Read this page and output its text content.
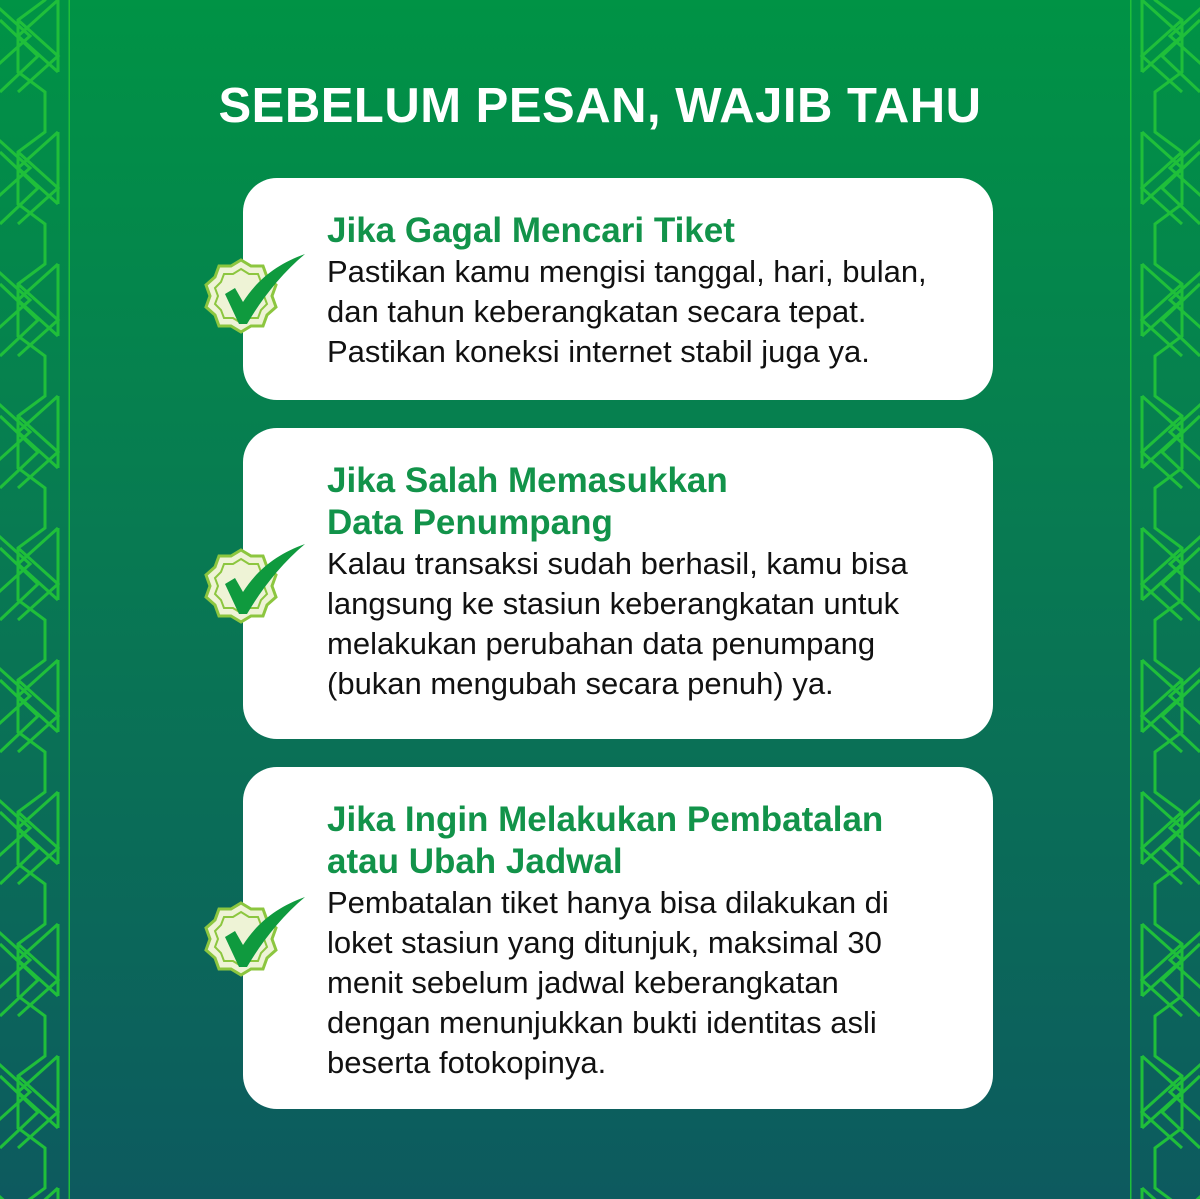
SEBELUM PESAN, WAJIB TAHU

Jika Gagal Mencari Tiket

Pastikan kamu mengisi tanggal, hari, bulan,

dan tahun keberangkatan secara tepat.

Pastikan koneksi internet stabil juga ya.

Jika Salah Memasukkan

Data Penumpang

Kalau transaksi sudah berhasil, kamu bisa

langsung ke stasiun keberangkatan untuk

melakukan perubahan data penumpang

(bukan mengubah secara penuh) ya.

Jika Ingin Melakukan Pembatalan

atau Ubah Jadwal

Pembatalan tiket hanya bisa dilakukan di

loket stasiun yang ditunjuk, maksimal 30

menit sebelum jadwal keberangkatan

dengan menunjukkan bukti identitas asli

beserta fotokopinya.
